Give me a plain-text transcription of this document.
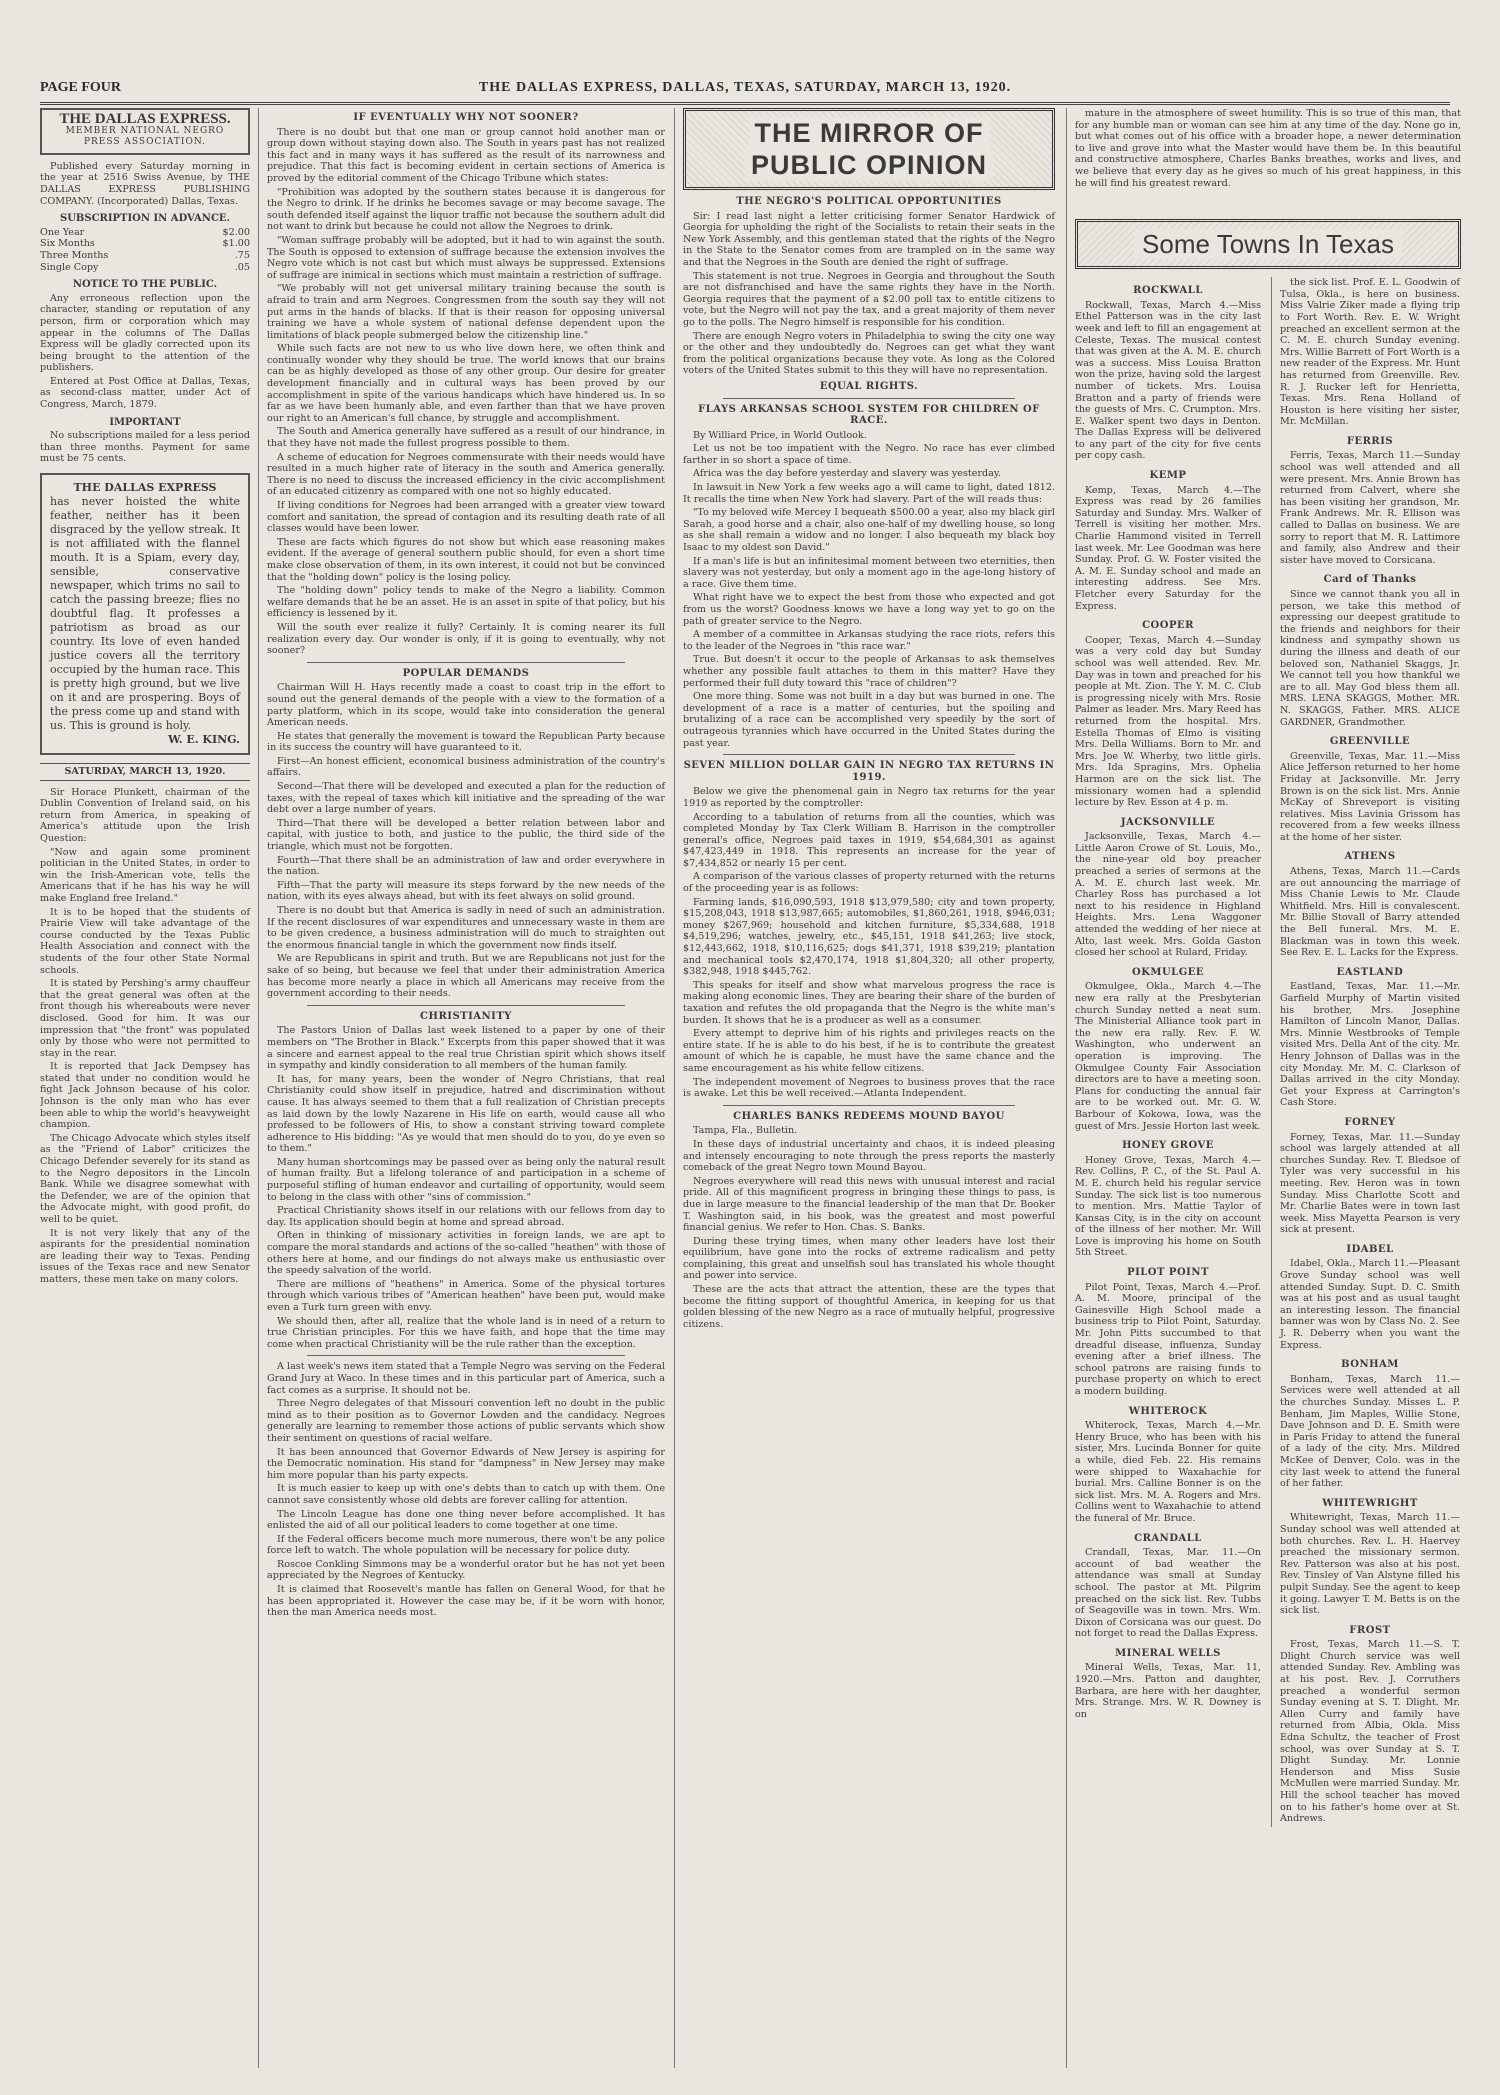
PAGE FOUR	THE DALLAS EXPRESS, DALLAS, TEXAS, SATURDAY, MARCH 13, 1920.
THE DALLAS EXPRESS.
MEMBER NATIONAL NEGRO PRESS ASSOCIATION.

Published every Saturday morning in the year at 2516 Swiss Avenue, by THE DALLAS EXPRESS PUBLISHING COMPANY. (Incorporated) Dallas, Texas.

SUBSCRIPTION IN ADVANCE.
One Year	$2.00
Six Months	$1.00
Three Months	.75
Single Copy	.05
NOTICE TO THE PUBLIC.

Any erroneous reflection upon the character, standing or reputation of any person, firm or corporation which may appear in the columns of The Dallas Express will be gladly corrected upon its being brought to the attention of the publishers.

Entered at Post Office at Dallas, Texas, as second-class matter, under Act of Congress, March, 1879.

IMPORTANT

No subscriptions mailed for a less period than three months. Payment for same must be 75 cents.

THE DALLAS EXPRESS
has never hoisted the white feather, neither has it been disgraced by the yellow streak. It is not affiliated with the flannel mouth. It is a Spiam, every day, sensible, conservative newspaper, which trims no sail to catch the passing breeze; flies no doubtful flag. It professes a patriotism as broad as our country. Its love of even handed justice covers all the territory occupied by the human race. This is pretty high ground, but we live on it and are prospering. Boys of the press come up and stand with us. This is ground is holy.
W. E. KING.
SATURDAY, MARCH 13, 1920.

Sir Horace Plunkett, chairman of the Dublin Convention of Ireland said, on his return from America, in speaking of America's attitude upon the Irish Question:

"Now and again some prominent politician in the United States, in order to win the Irish-American vote, tells the Americans that if he has his way he will make England free Ireland."

It is to be hoped that the students of Prairie View will take advantage of the course conducted by the Texas Public Health Association and connect with the students of the four other State Normal schools.

It is stated by Pershing's army chauffeur that the great general was often at the front though his whereabouts were never disclosed. Good for him. It was our impression that "the front" was populated only by those who were not permitted to stay in the rear.

It is reported that Jack Dempsey has stated that under no condition would he fight Jack Johnson because of his color. Johnson is the only man who has ever been able to whip the world's heavyweight champion.

The Chicago Advocate which styles itself as the "Friend of Labor" criticizes the Chicago Defender severely for its stand as to the Negro depositors in the Lincoln Bank. While we disagree somewhat with the Defender, we are of the opinion that the Advocate might, with good profit, do well to be quiet.

It is not very likely that any of the aspirants for the presidential nomination are leading their way to Texas. Pending issues of the Texas race and new Senator matters, these men take on many colors.

IF EVENTUALLY WHY NOT SOONER?

There is no doubt but that one man or group cannot hold another man or group down without staying down also. The South in years past has not realized this fact and in many ways it has suffered as the result of its narrowness and prejudice. That this fact is becoming evident in certain sections of America is proved by the editorial comment of the Chicago Tribune which states:

"Prohibition was adopted by the southern states because it is dangerous for the Negro to drink. If he drinks he becomes savage or may become savage. The south defended itself against the liquor traffic not because the southern adult did not want to drink but because he could not allow the Negroes to drink.

"Woman suffrage probably will be adopted, but it had to win against the south. The South is opposed to extension of suffrage because the extension involves the Negro vote which is not cast but which must always be suppressed. Extensions of suffrage are inimical in sections which must maintain a restriction of suffrage.

"We probably will not get universal military training because the south is afraid to train and arm Negroes. Congressmen from the south say they will not put arms in the hands of blacks. If that is their reason for opposing universal training we have a whole system of national defense dependent upon the limitations of black people submerged below the citizenship line."

While such facts are not new to us who live down here, we often think and continually wonder why they should be true. The world knows that our brains can be as highly developed as those of any other group. Our desire for greater development financially and in cultural ways has been proved by our accomplishment in spite of the various handicaps which have hindered us. In so far as we have been humanly able, and even farther than that we have proven our right to an American's full chance, by struggle and accomplishment.

The South and America generally have suffered as a result of our hindrance, in that they have not made the fullest progress possible to them.

A scheme of education for Negroes commensurate with their needs would have resulted in a much higher rate of literacy in the south and America generally. There is no need to discuss the increased efficiency in the civic accomplishment of an educated citizenry as compared with one not so highly educated.

If living conditions for Negroes had been arranged with a greater view toward comfort and sanitation, the spread of contagion and its resulting death rate of all classes would have been lower.

These are facts which figures do not show but which ease reasoning makes evident. If the average of general southern public should, for even a short time make close observation of them, in its own interest, it could not but be convinced that the "holding down" policy is the losing policy.

The "holding down" policy tends to make of the Negro a liability. Common welfare demands that he be an asset. He is an asset in spite of that policy, but his efficiency is lessened by it.

Will the south ever realize it fully? Certainly. It is coming nearer its full realization every day. Our wonder is only, if it is going to eventually, why not sooner?

POPULAR DEMANDS

Chairman Will H. Hays recently made a coast to coast trip in the effort to sound out the general demands of the people with a view to the formation of a party platform, which in its scope, would take into consideration the general American needs.

He states that generally the movement is toward the Republican Party because in its success the country will have guaranteed to it.

First—An honest efficient, economical business administration of the country's affairs.

Second—That there will be developed and executed a plan for the reduction of taxes, with the repeal of taxes which kill initiative and the spreading of the war debt over a large number of years.

Third—That there will be developed a better relation between labor and capital, with justice to both, and justice to the public, the third side of the triangle, which must not be forgotten.

Fourth—That there shall be an administration of law and order everywhere in the nation.

Fifth—That the party will measure its steps forward by the new needs of the nation, with its eyes always ahead, but with its feet always on solid ground.

There is no doubt but that America is sadly in need of such an administration. If the recent disclosures of war expenditures and unnecessary waste in them are to be given credence, a business administration will do much to straighten out the enormous financial tangle in which the government now finds itself.

We are Republicans in spirit and truth. But we are Republicans not just for the sake of so being, but because we feel that under their administration America has become more nearly a place in which all Americans may receive from the government according to their needs.

CHRISTIANITY

The Pastors Union of Dallas last week listened to a paper by one of their members on "The Brother in Black." Excerpts from this paper showed that it was a sincere and earnest appeal to the real true Christian spirit which shows itself in sympathy and kindly consideration to all members of the human family.

It has, for many years, been the wonder of Negro Christians, that real Christianity could show itself in prejudice, hatred and discrimination without cause. It has always seemed to them that a full realization of Christian precepts as laid down by the lowly Nazarene in His life on earth, would cause all who professed to be followers of His, to show a constant striving toward complete adherence to His bidding: "As ye would that men should do to you, do ye even so to them."

Many human shortcomings may be passed over as being only the natural result of human frailty. But a lifelong tolerance of and participation in a scheme of purposeful stifling of human endeavor and curtailing of opportunity, would seem to belong in the class with other "sins of commission."

Practical Christianity shows itself in our relations with our fellows from day to day. Its application should begin at home and spread abroad.

Often in thinking of missionary activities in foreign lands, we are apt to compare the moral standards and actions of the so-called "heathen" with those of others here at home, and our findings do not always make us enthusiastic over the speedy salvation of the world.

There are millions of "heathens" in America. Some of the physical tortures through which various tribes of "American heathen" have been put, would make even a Turk turn green with envy.

We should then, after all, realize that the whole land is in need of a return to true Christian principles. For this we have faith, and hope that the time may come when practical Christianity will be the rule rather than the exception.

A last week's news item stated that a Temple Negro was serving on the Federal Grand Jury at Waco. In these times and in this particular part of America, such a fact comes as a surprise. It should not be.

Three Negro delegates of that Missouri convention left no doubt in the public mind as to their position as to Governor Lowden and the candidacy. Negroes generally are learning to remember those actions of public servants which show their sentiment on questions of racial welfare.

It has been announced that Governor Edwards of New Jersey is aspiring for the Democratic nomination. His stand for "dampness" in New Jersey may make him more popular than his party expects.

It is much easier to keep up with one's debts than to catch up with them. One cannot save consistently whose old debts are forever calling for attention.

The Lincoln League has done one thing never before accomplished. It has enlisted the aid of all our political leaders to come together at one time.

If the Federal officers become much more numerous, there won't be any police force left to watch. The whole population will be necessary for police duty.

Roscoe Conkling Simmons may be a wonderful orator but he has not yet been appreciated by the Negroes of Kentucky.

It is claimed that Roosevelt's mantle has fallen on General Wood, for that he has been appropriated it. However the case may be, if it be worn with honor, then the man America needs most.

THE MIRROR OF
PUBLIC OPINION
THE NEGRO'S POLITICAL OPPORTUNITIES

Sir: I read last night a letter criticising former Senator Hardwick of Georgia for upholding the right of the Socialists to retain their seats in the New York Assembly, and this gentleman stated that the rights of the Negro in the State to the Senator comes from are trampled on in the same way and that the Negroes in the South are denied the right of suffrage.

This statement is not true. Negroes in Georgia and throughout the South are not disfranchised and have the same rights they have in the North. Georgia requires that the payment of a $2.00 poll tax to entitle citizens to vote, but the Negro will not pay the tax, and a great majority of them never go to the polls. The Negro himself is responsible for his condition.

There are enough Negro voters in Philadelphia to swing the city one way or the other and they undoubtedly do. Negroes can get what they want from the political organizations because they vote. As long as the Colored voters of the United States submit to this they will have no representation.

EQUAL RIGHTS.
FLAYS ARKANSAS SCHOOL SYSTEM FOR CHILDREN OF RACE.

By Williard Price, in World Outlook.

Let us not be too impatient with the Negro. No race has ever climbed farther in so short a space of time.

Africa was the day before yesterday and slavery was yesterday.

In lawsuit in New York a few weeks ago a will came to light, dated 1812. It recalls the time when New York had slavery. Part of the will reads thus:

"To my beloved wife Mercey I bequeath $500.00 a year, also my black girl Sarah, a good horse and a chair, also one-half of my dwelling house, so long as she shall remain a widow and no longer. I also bequeath my black boy Isaac to my oldest son David."

If a man's life is but an infinitesimal moment between two eternities, then slavery was not yesterday, but only a moment ago in the age-long history of a race. Give them time.

What right have we to expect the best from those who expected and got from us the worst? Goodness knows we have a long way yet to go on the path of greater service to the Negro.

A member of a committee in Arkansas studying the race riots, refers this to the leader of the Negroes in "this race war."

True. But doesn't it occur to the people of Arkansas to ask themselves whether any possible fault attaches to them in this matter? Have they performed their full duty toward this "race of children"?

One more thing. Some was not built in a day but was burned in one. The development of a race is a matter of centuries, but the spoiling and brutalizing of a race can be accomplished very speedily by the sort of outrageous tyrannies which have occurred in the United States during the past year.

SEVEN MILLION DOLLAR GAIN IN NEGRO TAX RETURNS IN 1919.

Below we give the phenomenal gain in Negro tax returns for the year 1919 as reported by the comptroller:

According to a tabulation of returns from all the counties, which was completed Monday by Tax Clerk William B. Harrison in the comptroller general's office, Negroes paid taxes in 1919, $54,684,301 as against $47,423,449 in 1918. This represents an increase for the year of $7,434,852 or nearly 15 per cent.

A comparison of the various classes of property returned with the returns of the proceeding year is as follows:

Farming lands, $16,090,593, 1918 $13,979,580; city and town property, $15,208,043, 1918 $13,987,665; automobiles, $1,860,261, 1918, $946,031; money $267,969; household and kitchen furniture, $5,334,688, 1918 $4,519,296; watches, jewelry, etc., $45,151, 1918 $41,263; live stock, $12,443,662, 1918, $10,116,625; dogs $41,371, 1918 $39,219; plantation and mechanical tools $2,470,174, 1918 $1,804,320; all other property, $382,948, 1918 $445,762.

This speaks for itself and show what marvelous progress the race is making along economic lines. They are bearing their share of the burden of taxation and refutes the old propaganda that the Negro is the white man's burden. It shows that he is a producer as well as a consumer.

Every attempt to deprive him of his rights and privileges reacts on the entire state. If he is able to do his best, if he is to contribute the greatest amount of which he is capable, he must have the same chance and the same encouragement as his white fellow citizens.

The independent movement of Negroes to business proves that the race is awake. Let this be well received.—Atlanta Independent.

CHARLES BANKS REDEEMS MOUND BAYOU

Tampa, Fla., Bulletin.

In these days of industrial uncertainty and chaos, it is indeed pleasing and intensely encouraging to note through the press reports the masterly comeback of the great Negro town Mound Bayou.

Negroes everywhere will read this news with unusual interest and racial pride. All of this magnificent progress in bringing these things to pass, is due in large measure to the financial leadership of the man that Dr. Booker T. Washington said, in his book, was the greatest and most powerful financial genius. We refer to Hon. Chas. S. Banks.

During these trying times, when many other leaders have lost their equilibrium, have gone into the rocks of extreme radicalism and petty complaining, this great and unselfish soul has translated his whole thought and power into service.

These are the acts that attract the attention, these are the types that become the fitting support of thoughtful America, in keeping for us that golden blessing of the new Negro as a race of mutually helpful, progressive citizens.

mature in the atmosphere of sweet humility. This is so true of this man, that for any humble man or woman can see him at any time of the day. None go in, but what comes out of his office with a broader hope, a newer determination to live and grove into what the Master would have them be. In this beautiful and constructive atmosphere, Charles Banks breathes, works and lives, and we believe that every day as he gives so much of his great happiness, in this he will find his greatest reward.

Some Towns In Texas
ROCKWALL

Rockwall, Texas, March 4.—Miss Ethel Patterson was in the city last week and left to fill an engagement at Celeste, Texas. The musical contest that was given at the A. M. E. church was a success. Miss Louisa Bratton won the prize, having sold the largest number of tickets. Mrs. Louisa Bratton and a party of friends were the guests of Mrs. C. Crumpton. Mrs. E. Walker spent two days in Denton. The Dallas Express will be delivered to any part of the city for five cents per copy cash.

KEMP

Kemp, Texas, March 4.—The Express was read by 26 families Saturday and Sunday. Mrs. Walker of Terrell is visiting her mother. Mrs. Charlie Hammond visited in Terrell last week. Mr. Lee Goodman was here Sunday. Prof. G. W. Foster visited the A. M. E. Sunday school and made an interesting address. See Mrs. Fletcher every Saturday for the Express.

COOPER

Cooper, Texas, March 4.—Sunday was a very cold day but Sunday school was well attended. Rev. Mr. Day was in town and preached for his people at Mt. Zion. The Y. M. C. Club is progressing nicely with Mrs. Rosie Palmer as leader. Mrs. Mary Reed has returned from the hospital. Mrs. Estella Thomas of Elmo is visiting Mrs. Della Williams. Born to Mr. and Mrs. Joe W. Wherby, two little girls. Mrs. Ida Spragins, Mrs. Ophelia Harmon are on the sick list. The missionary women had a splendid lecture by Rev. Esson at 4 p. m.

JACKSONVILLE

Jacksonville, Texas, March 4.—Little Aaron Crowe of St. Louis, Mo., the nine-year old boy preacher preached a series of sermons at the A. M. E. church last week. Mr. Charley Ross has purchased a lot next to his residence in Highland Heights. Mrs. Lena Waggoner attended the wedding of her niece at Alto, last week. Mrs. Golda Gaston closed her school at Rulard, Friday.

OKMULGEE

Okmulgee, Okla., March 4.—The new era rally at the Presbyterian church Sunday netted a neat sum. The Ministerial Alliance took part in the new era rally. Rev. F. W. Washington, who underwent an operation is improving. The Okmulgee County Fair Association directors are to have a meeting soon. Plans for conducting the annual fair are to be worked out. Mr. G. W. Barbour of Kokowa, Iowa, was the guest of Mrs. Jessie Horton last week.

HONEY GROVE

Honey Grove, Texas, March 4.—Rev. Collins, P. C., of the St. Paul A. M. E. church held his regular service Sunday. The sick list is too numerous to mention. Mrs. Mattie Taylor of Kansas City, is in the city on account of the illness of her mother. Mr. Will Love is improving his home on South 5th Street.

PILOT POINT

Pilot Point, Texas, March 4.—Prof. A. M. Moore, principal of the Gainesville High School made a business trip to Pilot Point, Saturday. Mr. John Pitts succumbed to that dreadful disease, influenza, Sunday evening after a brief illness. The school patrons are raising funds to purchase property on which to erect a modern building.

WHITEROCK

Whiterock, Texas, March 4.—Mr. Henry Bruce, who has been with his sister, Mrs. Lucinda Bonner for quite a while, died Feb. 22. His remains were shipped to Waxahachie for burial. Mrs. Calline Bonner is on the sick list. Mrs. M. A. Rogers and Mrs. Collins went to Waxahachie to attend the funeral of Mr. Bruce.

CRANDALL

Crandall, Texas, Mar. 11.—On account of bad weather the attendance was small at Sunday school. The pastor at Mt. Pilgrim preached on the sick list. Rev. Tubbs of Seagoville was in town. Mrs. Wm. Dixon of Corsicana was our guest. Do not forget to read the Dallas Express.

MINERAL WELLS

Mineral Wells, Texas, Mar. 11, 1920.—Mrs. Patton and daughter, Barbara, are here with her daughter, Mrs. Strange. Mrs. W. R. Downey is on

the sick list. Prof. E. L. Goodwin of Tulsa, Okla., is here on business. Miss Valrie Ziker made a flying trip to Fort Worth. Rev. E. W. Wright preached an excellent sermon at the C. M. E. church Sunday evening. Mrs. Willie Barrett of Fort Worth is a new reader of the Express. Mr. Hunt has returned from Greenville. Rev. R. J. Rucker left for Henrietta, Texas. Mrs. Rena Holland of Houston is here visiting her sister, Mr. McMillan.

FERRIS

Ferris, Texas, March 11.—Sunday school was well attended and all were present. Mrs. Annie Brown has returned from Calvert, where she has been visiting her grandson, Mr. Frank Andrews. Mr. R. Ellison was called to Dallas on business. We are sorry to report that M. R. Lattimore and family, also Andrew and their sister have moved to Corsicana.

Card of Thanks

Since we cannot thank you all in person, we take this method of expressing our deepest gratitude to the friends and neighbors for their kindness and sympathy shown us during the illness and death of our beloved son, Nathaniel Skaggs, Jr. We cannot tell you how thankful we are to all. May God bless them all. MRS. LENA SKAGGS, Mother. MR. N. SKAGGS, Father. MRS. ALICE GARDNER, Grandmother.

GREENVILLE

Greenville, Texas, Mar. 11.—Miss Alice Jefferson returned to her home Friday at Jacksonville. Mr. Jerry Brown is on the sick list. Mrs. Annie McKay of Shreveport is visiting relatives. Miss Lavinia Grissom has recovered from a few weeks illness at the home of her sister.

ATHENS

Athens, Texas, March 11.—Cards are out announcing the marriage of Miss Chanie Lewis to Mr. Claude Whitfield. Mrs. Hill is convalescent. Mr. Billie Stovall of Barry attended the Bell funeral. Mrs. M. E. Blackman was in town this week. See Rev. E. L. Lacks for the Express.

EASTLAND

Eastland, Texas, Mar. 11.—Mr. Garfield Murphy of Martin visited his brother, Mrs. Josephine Hamilton of Lincoln Manor, Dallas. Mrs. Minnie Westbrooks of Temple visited Mrs. Della Ant of the city. Mr. Henry Johnson of Dallas was in the city Monday. Mr. M. C. Clarkson of Dallas arrived in the city Monday. Get your Express at Carrington's Cash Store.

FORNEY

Forney, Texas, Mar. 11.—Sunday school was largely attended at all churches Sunday. Rev. T. Bledsoe of Tyler was very successful in his meeting. Rev. Heron was in town Sunday. Miss Charlotte Scott and Mr. Charlie Bates were in town last week. Miss Mayetta Pearson is very sick at present.

IDABEL

Idabel, Okla., March 11.—Pleasant Grove Sunday school was well attended Sunday. Supt. D. C. Smith was at his post and as usual taught an interesting lesson. The financial banner was won by Class No. 2. See J. R. Deberry when you want the Express.

BONHAM

Bonham, Texas, March 11.—Services were well attended at all the churches Sunday. Misses L. P. Benham, Jim Maples, Willie Stone, Dave Johnson and D. E. Smith were in Paris Friday to attend the funeral of a lady of the city. Mrs. Mildred McKee of Denver, Colo. was in the city last week to attend the funeral of her father.

WHITEWRIGHT

Whitewright, Texas, March 11.—Sunday school was well attended at both churches. Rev. L. H. Haervey preached the missionary sermon. Rev. Patterson was also at his post. Rev. Tinsley of Van Alstyne filled his pulpit Sunday. See the agent to keep it going. Lawyer T. M. Betts is on the sick list.

FROST

Frost, Texas, March 11.—S. T. Dlight Church service was well attended Sunday. Rev. Ambling was at his post. Rev. J. Corruthers preached a wonderful sermon Sunday evening at S. T. Dlight. Mr. Allen Curry and family have returned from Albia, Okla. Miss Edna Schultz, the teacher of Frost school, was over Sunday at S. T. Dlight Sunday. Mr. Lonnie Henderson and Miss Susie McMullen were married Sunday. Mr. Hill the school teacher has moved on to his father's home over at St. Andrews.
